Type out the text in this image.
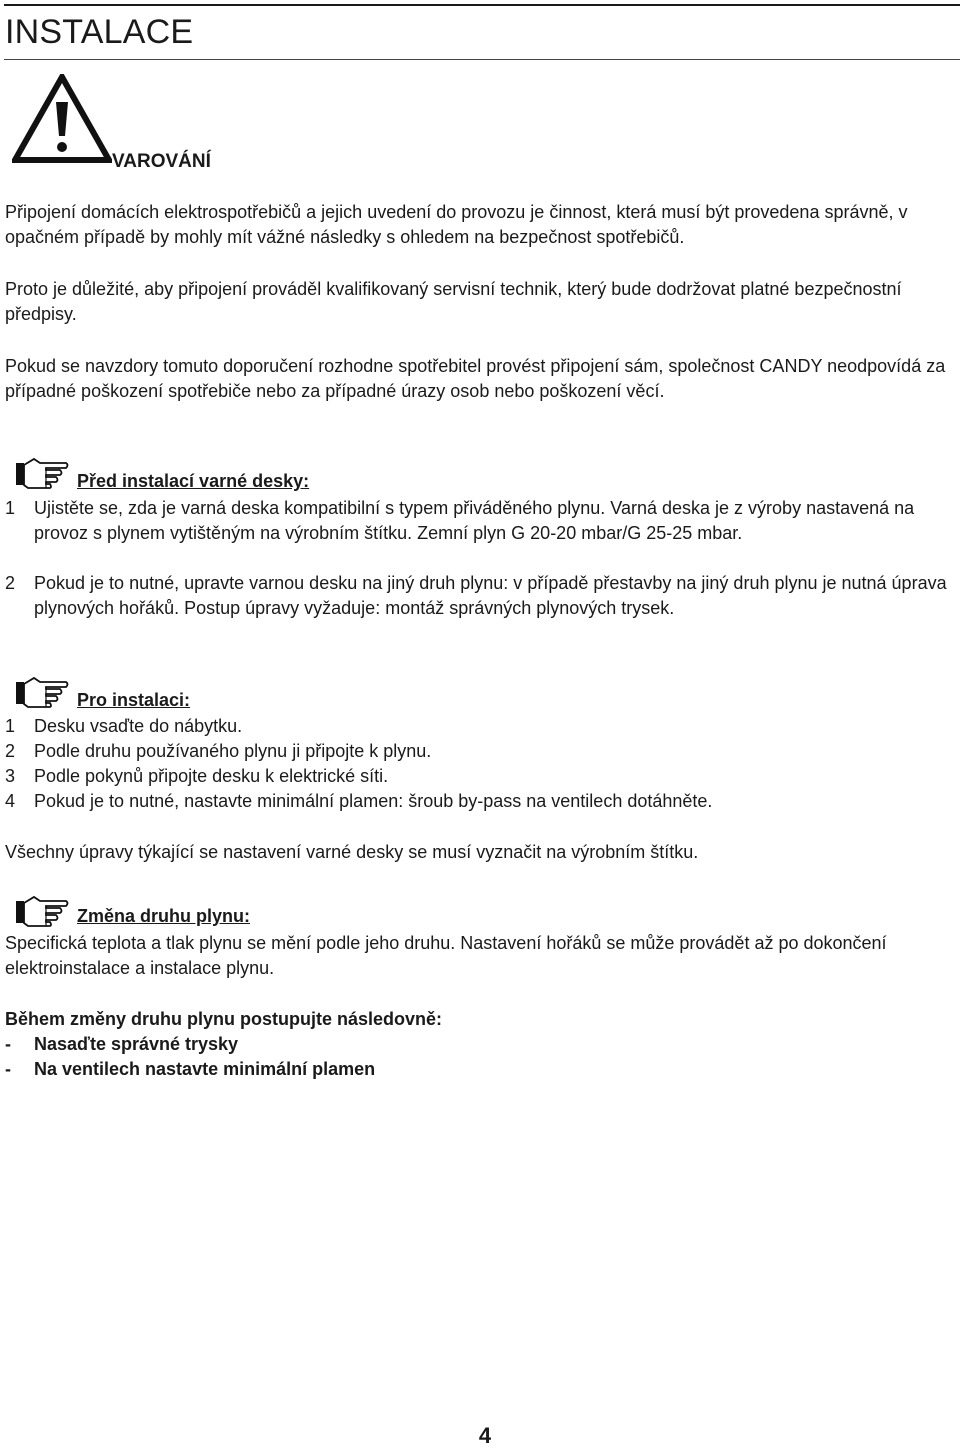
INSTALACE
VAROVÁNÍ

Připojení domácích elektrospotřebičů a jejich uvedení do provozu je činnost, která musí být provedena správně, v opačném případě by mohly mít vážné následky s ohledem na bezpečnost spotřebičů.

Proto je důležité, aby připojení prováděl kvalifikovaný servisní technik, který bude dodržovat platné bezpečnostní předpisy.

Pokud se navzdory tomuto doporučení rozhodne spotřebitel provést připojení sám, společnost CANDY neodpovídá za případné poškození spotřebiče nebo za případné úrazy osob nebo poškození věcí.

Před instalací varné desky:
1	Ujistěte se, zda je varná deska kompatibilní s typem přiváděného plynu. Varná deska je z výroby nastavená na provoz s plynem vytištěným na výrobním štítku. Zemní plyn G 20-20 mbar/G 25-25 mbar.
2	Pokud je to nutné, upravte varnou desku na jiný druh plynu: v případě přestavby na jiný druh plynu je nutná úprava plynových hořáků. Postup úpravy vyžaduje: montáž správných plynových trysek.
Pro instalaci:
1	Desku vsaďte do nábytku.
2	Podle druhu používaného plynu ji připojte k plynu.
3	Podle pokynů připojte desku k elektrické síti.
4	Pokud je to nutné, nastavte minimální plamen: šroub by-pass na ventilech dotáhněte.

Všechny úpravy týkající se nastavení varné desky se musí vyznačit na výrobním štítku.

Změna druhu plynu:

Specifická teplota a tlak plynu se mění podle jeho druhu. Nastavení hořáků se může provádět až po dokončení elektroinstalace a instalace plynu.

Během změny druhu plynu postupujte následovně:

-	Nasaďte správné trysky
-	Na ventilech nastavte minimální plamen
4
